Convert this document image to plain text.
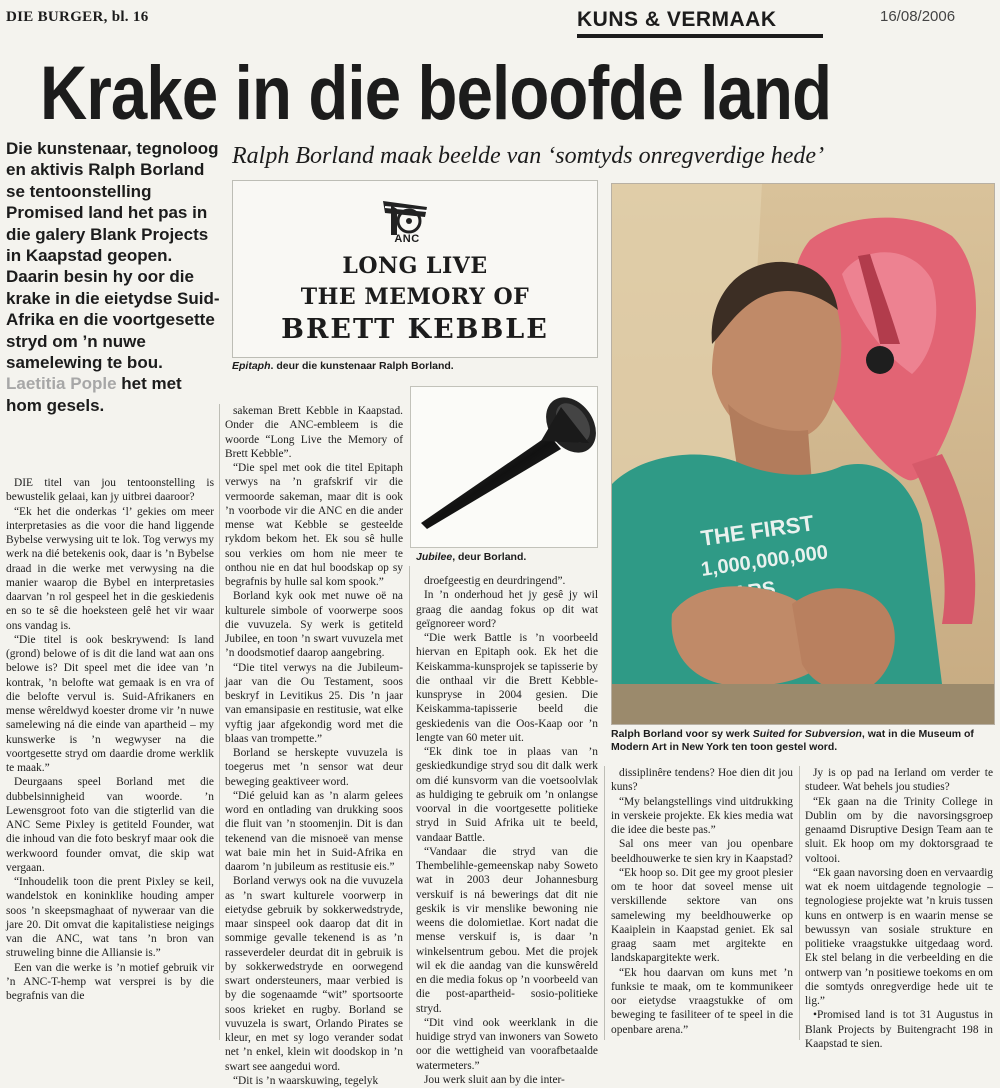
DIE BURGER, bl. 16	KUNS & VERMAAK	16/08/2006
Krake in die beloofde land
Ralph Borland maak beelde van ‘somtyds onregverdige hede’
Die kunstenaar, tegnoloog en aktivis Ralph Borland se tentoonstelling Promised land het pas in die galery Blank Projects in Kaapstad geopen. Daarin besin hy oor die krake in die eietydse Suid-Afrika en die voortgesette stryd om ’n nuwe samelewing te bou. Laetitia Pople het met hom gesels.
ANC
LONG LIVE
THE MEMORY OF
BRETT KEBBLE
Epitaph. deur die kunstenaar Ralph Borland.
Jubilee, deur Borland.
THE FIRST
1,000,000,000
Ralph Borland voor sy werk Suited for Subversion, wat in die Museum of Modern Art in New York ten toon gestel word.

DIE titel van jou tentoonstelling is bewustelik gelaai, kan jy uitbrei daaroor?

“Ek het die onderkas ‘l’ gekies om meer interpretasies as die voor die hand liggende Bybelse verwysing uit te lok. Tog verwys my werk na dié betekenis ook, daar is ’n Bybelse draad in die werke met verwysing na die manier waarop die Bybel en interpretasies daarvan ’n rol gespeel het in die geskiedenis en so te sê die hoeksteen gelê het vir waar ons vandag is.

“Die titel is ook beskrywend: Is land (grond) belowe of is dit die land wat aan ons belowe is? Dit speel met die idee van ’n kontrak, ’n belofte wat gemaak is en vra of die belofte vervul is. Suid-Afrikaners en mense wêreldwyd koester drome vir ’n nuwe samelewing ná die einde van apartheid – my kunswerke is ’n wegwyser na die voortgesette stryd om daardie drome werklik te maak.”

Deurgaans speel Borland met die dubbelsinnigheid van woorde. ’n Lewensgroot foto van die stigterlid van die ANC Seme Pixley is getiteld Founder, wat die inhoud van die foto beskryf maar ook die werkwoord founder omvat, die skip wat vergaan.

“Inhoudelik toon die prent Pixley se keil, wandelstok en koninklike houding amper soos ’n skeepsmaghaat of nyweraar van die jare 20. Dit omvat die kapitalistiese neigings van die ANC, wat tans ’n bron van struweling binne die Alliansie is.”

Een van die werke is ’n motief gebruik vir ’n ANC-T-hemp wat versprei is by die begrafnis van die

sakeman Brett Kebble in Kaapstad. Onder die ANC-embleem is die woorde “Long Live the Memory of Brett Kebble”.

“Die spel met ook die titel Epitaph verwys na ’n grafskrif vir die vermoorde sakeman, maar dit is ook ’n voorbode vir die ANC en die ander mense wat Kebble se gesteelde rykdom bekom het. Ek sou sê hulle sou verkies om hom nie meer te onthou nie en dat hul boodskap op sy begrafnis by hulle sal kom spook.”

Borland kyk ook met nuwe oë na kulturele simbole of voorwerpe soos die vuvuzela. Sy werk is getiteld Jubilee, en toon ’n swart vuvuzela met ’n doodsmotief daarop aangebring.

“Die titel verwys na die Jubileum-jaar van die Ou Testament, soos beskryf in Levitikus 25. Dis ’n jaar van emansipasie en restitusie, wat elke vyftig jaar afgekondig word met die blaas van trompette.”

Borland se herskepte vuvuzela is toegerus met ’n sensor wat deur beweging geaktiveer word.

“Dié geluid kan as ’n alarm gelees word en ontlading van drukking soos die fluit van ’n stoomenjin. Dit is dan tekenend van die misnoeë van mense wat baie min het in Suid-Afrika en daarom ’n jubileum as restitusie eis.”

Borland verwys ook na die vuvuzela as ’n swart kulturele voorwerp in eietydse gebruik by sokkerwedstryde, maar sinspeel ook daarop dat dit in sommige gevalle tekenend is as ’n rasseverdeler deurdat dit in gebruik is by sokkerwedstryde en oorwegend swart ondersteuners, maar verbied is by die sogenaamde “wit” sportsoorte soos krieket en rugby. Borland se vuvuzela is swart, Orlando Pirates se kleur, en met sy logo verander sodat net ’n enkel, klein wit doodskop in ’n swart see aangedui word.

“Dit is ’n waarskuwing, tegelyk

droefgeestig en deurdringend”.

In ’n onderhoud het jy gesê jy wil graag die aandag fokus op dit wat geïgnoreer word?

“Die werk Battle is ’n voorbeeld hiervan en Epitaph ook. Ek het die Keiskamma-kunsprojek se tapisserie by die onthaal vir die Brett Kebble-kunspryse in 2004 gesien. Die Keiskamma-tapisserie beeld die geskiedenis van die Oos-Kaap oor ’n lengte van 60 meter uit.

“Ek dink toe in plaas van ’n geskiedkundige stryd sou dit dalk werk om dié kunsvorm van die voetsoolvlak as huldiging te gebruik om ’n onlangse voorval in die voortgesette politieke stryd in Suid Afrika uit te beeld, vandaar Battle.

“Vandaar die stryd van die Thembelihle-gemeenskap naby Soweto wat in 2003 deur Johannesburg verskuif is ná bewerings dat dit nie geskik is vir menslike bewoning nie weens die dolomietlae. Kort nadat die mense verskuif is, is daar ’n winkelsentrum gebou. Met die projek wil ek die aandag van die kunswêreld en die media fokus op ’n voorbeeld van die post-apartheid- sosio-politieke stryd.

“Dit vind ook weerklank in die huidige stryd van inwoners van Soweto oor die wettigheid van voorafbetaalde watermeters.”

Jou werk sluit aan by die inter-

dissiplinêre tendens? Hoe dien dit jou kuns?

“My belangstellings vind uitdrukking in verskeie projekte. Ek kies media wat die idee die beste pas.”

Sal ons meer van jou openbare beeldhouwerke te sien kry in Kaapstad?

“Ek hoop so. Dit gee my groot plesier om te hoor dat soveel mense uit verskillende sektore van ons samelewing my beeldhouwerke op Kaaiplein in Kaapstad geniet. Ek sal graag saam met argitekte en landskapargitekte werk.

“Ek hou daarvan om kuns met ’n funksie te maak, om te kommunikeer oor eietydse vraagstukke of om beweging te fasiliteer of te speel in die openbare arena.”

Jy is op pad na Ierland om verder te studeer. Wat behels jou studies?

“Ek gaan na die Trinity College in Dublin om by die navorsingsgroep genaamd Disruptive Design Team aan te sluit. Ek hoop om my doktorsgraad te voltooi.

“Ek gaan navorsing doen en vervaardig wat ek noem uitdagende tegnologie – tegnologiese projekte wat ’n kruis tussen kuns en ontwerp is en waarin mense se bewussyn van sosiale strukture en politieke vraagstukke uitgedaag word. Ek stel belang in die verbeelding en die ontwerp van ’n positiewe toekoms en om die somtyds onregverdige hede uit te lig.”

•Promised land is tot 31 Augustus in Blank Projects by Buitengracht 198 in Kaapstad te sien.
